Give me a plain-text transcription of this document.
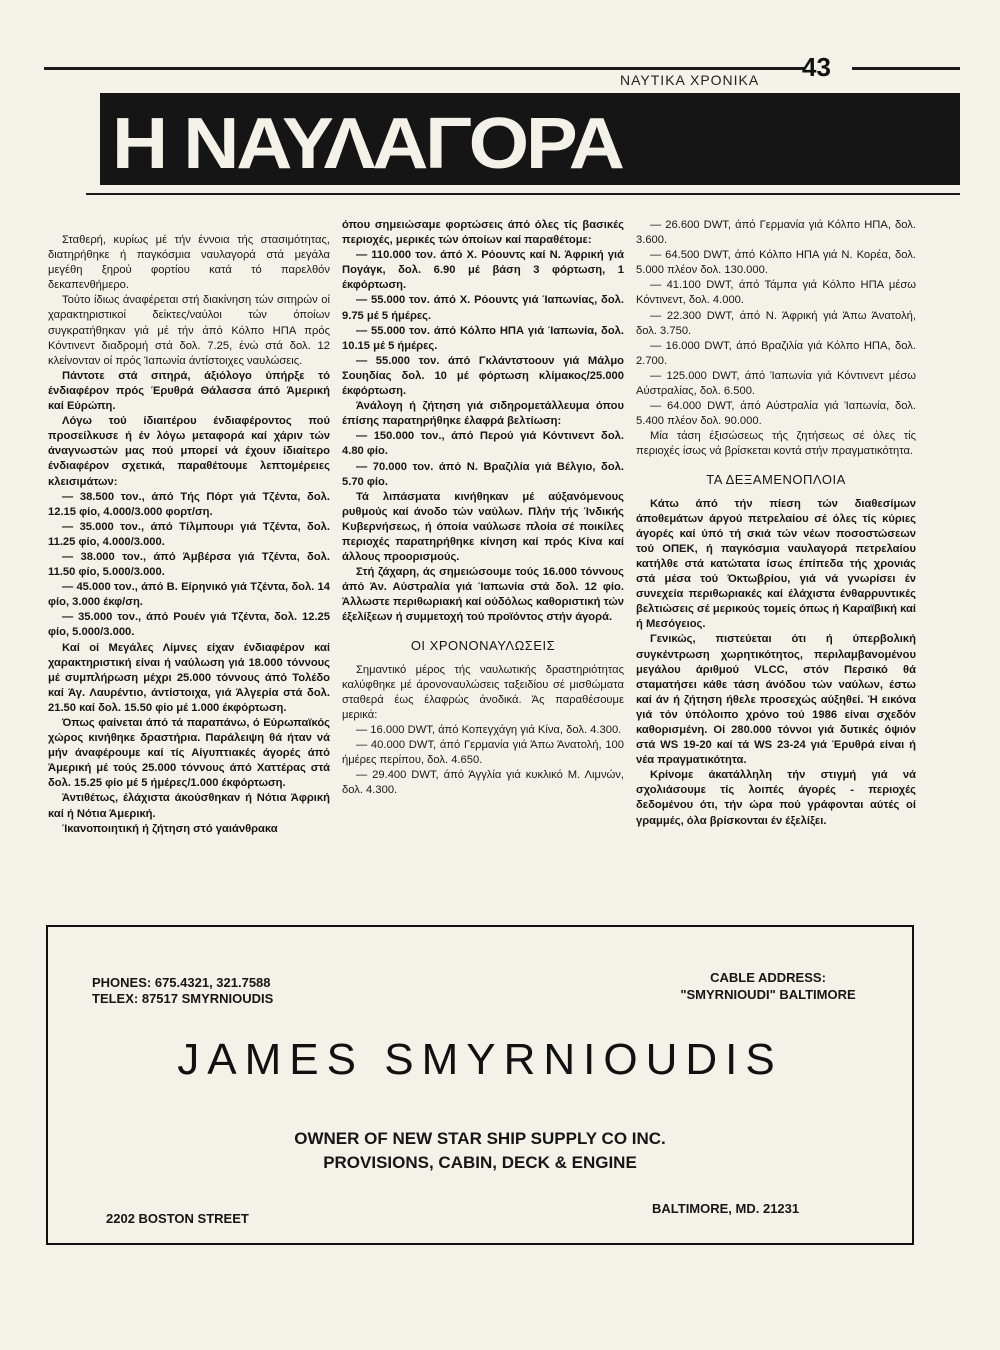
ΝΑΥΤΙΚΑ ΧΡΟΝΙΚΑ 43
Η ΝΑΥΛΑΓΟΡΑ

Σταθερή, κυρίως μέ τήν έννοια τής στασιμότητας, διατηρήθηκε ή παγκόσμια ναυλαγορά στά μεγάλα μεγέθη ξηρού φορτίου κατά τό παρελθόν δεκαπενθήμερο.

Τούτο ίδιως άναφέρεται στή διακίνηση τών σιτηρών οί χαρακτηριστικοί δείκτες/ναύλοι τών όποίων συγκρατήθηκαν γιά μέ τήν άπό Κόλπο ΗΠΑ πρός Κόντινεντ διαδρομή στά δολ. 7.25, ένώ στά δολ. 12 κλείνονταν οί πρός Ίαπωνία άντίστοιχες ναυλώσεις.

Πάντοτε στά σιτηρά, άξιόλογο ύπήρξε τό ένδιαφέρον πρός Έρυθρά Θάλασσα άπό Άμερική καί Εύρώπη.

Λόγω τού ίδιαιτέρου ένδιαφέροντος πού προσείλκυσε ή έν λόγω μεταφορά καί χάριν τών άναγνωστών μας πού μπορεί νά έχουν ίδιαίτερο ένδιαφέρον σχετικά, παραθέτουμε λεπτομέρειες κλεισιμάτων:

— 38.500 τον., άπό Τής Πόρτ γιά Τζέντα, δολ. 12.15 φίο, 4.000/3.000 φορτ/ση.

— 35.000 τον., άπό Τίλμπουρι γιά Τζέντα, δολ. 11.25 φίο, 4.000/3.000.

— 38.000 τον., άπό Άμβέρσα γιά Τζέντα, δολ. 11.50 φίο, 5.000/3.000.

— 45.000 τον., άπό Β. Είρηνικό γιά Τζέντα, δολ. 14 φίο, 3.000 έκφ/ση.

— 35.000 τον., άπό Ρουέν γιά Τζέντα, δολ. 12.25 φίο, 5.000/3.000.

Καί οί Μεγάλες Λίμνες είχαν ένδιαφέρον καί χαρακτηριστική είναι ή ναύλωση γιά 18.000 τόννους μέ συμπλήρωση μέχρι 25.000 τόννους άπό Τολέδο καί Άγ. Λαυρέντιο, άντίστοιχα, γιά Άλγερία στά δολ. 21.50 καί δολ. 15.50 φίο μέ 1.000 έκφόρτωση.

Όπως φαίνεται άπό τά παραπάνω, ό Εύρωπαϊκός χώρος κινήθηκε δραστήρια. Παράλειψη θά ήταν νά μήν άναφέρουμε καί τίς Αίγυπτιακές άγορές άπό Άμερική μέ τούς 25.000 τόννους άπό Χαττέρας στά δολ. 15.25 φίο μέ 5 ήμέρες/1.000 έκφόρτωση.

Άντιθέτως, έλάχιστα άκούσθηκαν ή Νότια Άφρική καί ή Νότια Άμερική.

Ίκανοποιητική ή ζήτηση στό γαιάνθρακα

όπου σημειώσαμε φορτώσεις άπό όλες τίς βασικές περιοχές, μερικές τών όποίων καί παραθέτομε:

— 110.000 τον. άπό Χ. Ρόουντς καί Ν. Άφρική γιά Πογάγκ, δολ. 6.90 μέ βάση 3 φόρτωση, 1 έκφόρτωση.

— 55.000 τον. άπό Χ. Ρόουντς γιά Ίαπωνίας, δολ. 9.75 μέ 5 ήμέρες.

— 55.000 τον. άπό Κόλπο ΗΠΑ γιά Ίαπωνία, δολ. 10.15 μέ 5 ήμέρες.

— 55.000 τον. άπό Γκλάντστοουν γιά Μάλμο Σουηδίας δολ. 10 μέ φόρτωση κλίμακος/25.000 έκφόρτωση.

Άνάλογη ή ζήτηση γιά σιδηρομετάλλευμα όπου έπίσης παρατηρήθηκε έλαφρά βελτίωση:

— 150.000 τον., άπό Περού γιά Κόντινεντ δολ. 4.80 φίο.

— 70.000 τον. άπό Ν. Βραζιλία γιά Βέλγιο, δολ. 5.70 φίο.

Τά λιπάσματα κινήθηκαν μέ αύξανόμενους ρυθμούς καί άνοδο τών ναύλων. Πλήν τής Ίνδικής Κυβερνήσεως, ή όποία ναύλωσε πλοία σέ ποικίλες περιοχές παρατηρήθηκε κίνηση καί πρός Κίνα καί άλλους προορισμούς.

Στή ζάχαρη, άς σημειώσουμε τούς 16.000 τόννους άπό Άν. Αύστραλία γιά Ίαπωνία στά δολ. 12 φίο. Άλλωστε περιθωριακή καί ούδόλως καθοριστική τών έξελίξεων ή συμμετοχή τού προϊόντος στήν άγορά.

ΟΙ ΧΡΟΝΟΝΑΥΛΩΣΕΙΣ

Σημαντικό μέρος τής ναυλωτικής δραστηριότητας καλύφθηκε μέ άρονοναυλώσεις ταξειδίου σέ μισθώματα σταθερά έως έλαφρώς άνοδικά. Άς παραθέσουμε μερικά:

— 16.000 DWT, άπό Κοπεγχάγη γιά Κίνα, δολ. 4.300.

— 40.000 DWT, άπό Γερμανία γιά Άπω Άνατολή, 100 ήμέρες περίπου, δολ. 4.650.

— 29.400 DWT, άπό Άγγλία γιά κυκλικό Μ. Λιμνών, δολ. 4.300.

— 26.600 DWT, άπό Γερμανία γιά Κόλπο ΗΠΑ, δολ. 3.600.

— 64.500 DWT, άπό Κόλπο ΗΠΑ γιά Ν. Κορέα, δολ. 5.000 πλέον δολ. 130.000.

— 41.100 DWT, άπό Τάμπα γιά Κόλπο ΗΠΑ μέσω Κόντινεντ, δολ. 4.000.

— 22.300 DWT, άπό Ν. Άφρική γιά Άπω Άνατολή, δολ. 3.750.

— 16.000 DWT, άπό Βραζιλία γιά Κόλπο ΗΠΑ, δολ. 2.700.

— 125.000 DWT, άπό Ίαπωνία γιά Κόντινεντ μέσω Αύστραλίας, δολ. 6.500.

— 64.000 DWT, άπό Αύστραλία γιά Ίαπωνία, δολ. 5.400 πλέον δολ. 90.000.

Μία τάση έξισώσεως τής ζητήσεως σέ όλες τίς περιοχές ίσως νά βρίσκεται κοντά στήν πραγματικότητα.

ΤΑ ΔΕΞΑΜΕΝΟΠΛΟΙΑ

Κάτω άπό τήν πίεση τών διαθεσίμων άποθεμάτων άργού πετρελαίου σέ όλες τίς κύριες άγορές καί ύπό τή σκιά τών νέων ποσοστώσεων τού ΟΠΕΚ, ή παγκόσμια ναυλαγορά πετρελαίου κατήλθε στά κατώτατα ίσως έπίπεδα τής χρονιάς στά μέσα τού Όκτωβρίου, γιά νά γνωρίσει έν συνεχεία περιθωριακές καί έλάχιστα ένθαρρυντικές βελτιώσεις σέ μερικούς τομείς όπως ή Καραϊβική καί ή Μεσόγειος.

Γενικώς, πιστεύεται ότι ή ύπερβολική συγκέντρωση χωρητικότητος, περιλαμβανομένου μεγάλου άριθμού VLCC, στόν Περσικό θά σταματήσει κάθε τάση άνόδου τών ναύλων, έστω καί άν ή ζήτηση ήθελε προσεχώς αύξηθεί. Ή εικόνα γιά τόν ύπόλοιπο χρόνο τού 1986 είναι σχεδόν καθορισμένη. Οί 280.000 τόννοι γιά δυτικές όψιόν στά WS 19-20 καί τά WS 23-24 γιά Έρυθρά είναι ή νέα πραγματικότητα.

Κρίνομε άκατάλληλη τήν στιγμή γιά νά σχολιάσουμε τίς λοιπές άγορές - περιοχές δεδομένου ότι, τήν ώρα πού γράφονται αύτές οί γραμμές, όλα βρίσκονται έν έξελίξει.

PHONES: 675.4321, 321.7588
TELEX: 87517 SMYRNIOUDIS
CABLE ADDRESS:
"SMYRNIOUDI" BALTIMORE
JAMES SMYRNIOUDIS
OWNER OF NEW STAR SHIP SUPPLY CO INC.
PROVISIONS, CABIN, DECK & ENGINE
2202 BOSTON STREET
BALTIMORE, MD. 21231
